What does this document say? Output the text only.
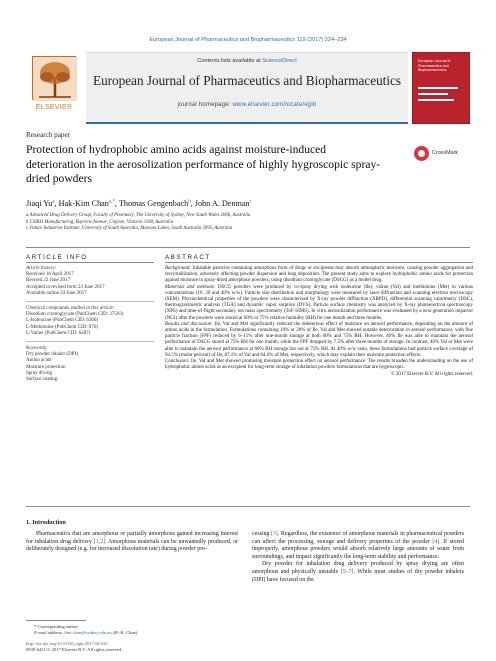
European Journal of Pharmaceutics and Biopharmaceutics 119 (2017) 224–234
ELSEVIER
Contents lists available at ScienceDirect
European Journal of Pharmaceutics and Biopharmaceutics
journal homepage: www.elsevier.com/locate/ejpb
European Journal of Pharmaceutics and Biopharmaceutics
Research paper
Protection of hydrophobic amino acids against moisture-induced deterioration in the aerosolization performance of highly hygroscopic spray-dried powders
CrossMark
Jiaqi Yu$^a$, Hak-Kim Chan$^{a,*}$, Thomas Gengenbach$^b$, John A. Denman$^c$
a Advanced Drug Delivery Group, Faculty of Pharmacy, The University of Sydney, New South Wales 2006, Australia
b CSIRO Manufacturing, Bayview Avenue, Clayton, Victoria 3168, Australia
c Future Industries Institute, University of South Australia, Mawson Lakes, South Australia 5095, Australia
ARTICLE INFO	ABSTRACT
Article history:
Received 18 April 2017
Revised 22 June 2017
Accepted in revised form 23 June 2017
Available online 24 June 2017
Chemical compounds studied in this article:
Disodium cromoglycate (PubChem CID: 27503)
L-Isoleucine (PubChem CID: 6306)
L-Methionine (PubChem CID: 876)
L-Valine (PubChem CID: 6287)
Keywords:
Dry powder inhaler (DPI)
Amino acids
Moisture protection
Spray drying
Surface coating

Background: Inhalable particles containing amorphous form of drugs or excipients may absorb atmospheric moisture, causing powder aggregation and recrystallization, adversely affecting powder dispersion and lung deposition. The present study aims to explore hydrophobic amino acids for protection against moisture in spray-dried amorphous powders, using disodium cromoglycate (DSCG) as a model drug.

Materials and methods: DSCG powders were produced by co-spray drying with isoleucine (Ile), valine (Val) and methionine (Met) in various concentrations (10, 20 and 40% w/w). Particle size distribution and morphology were measured by laser diffraction and scanning electron microscopy (SEM). Physiochemical properties of the powders were characterized by X-ray powder diffraction (XRPD), differential scanning calorimetry (DSC), thermogravimetric analysis (TGA) and dynamic vapor sorption (DVS). Particle surface chemistry was analyzed by X-ray photoelectron spectroscopy (XPS) and time-of-flight secondary ion mass spectrometry (ToF-SIMS). In vitro aerosolization performance was evaluated by a next generation impactor (NGI) after the powders were stored at 60% or 75% relative humidity (RH) for one month and three months.

Results and discussion: Ile, Val and Met significantly reduced the deleterious effect of moisture on aerosol performance, depending on the amount of amino acids in the formulation. Formulations containing 10% or 20% of Ile, Val and Met showed notable deterioration in aerosol performance, with fine particle fraction (FPF) reduced by 6–15% after one-month storage at both 60% and 75% RH. However, 40% Ile was able to maintain the aerosol performance of DSCG stored at 75% RH for one month, while the FPF dropped by 7.5% after three months of storage. In contrast, 40% Val or Met were able to maintain the aerosol performance at 60% RH storage but not at 75% RH. At 40% w/w ratio, these formulations had particle surface coverage of 94.5% (molar percent) of Ile, 87.1% of Val and 84.6% of Met, respectively, which may explain their moisture protection effects.

Conclusion: Ile, Val and Met showed promising moisture protection effect on aerosol performance. The results broaden the understanding on the use of hydrophobic amino acids as an excipient for long-term storage of inhalation powders formulations that are hygroscopic.

© 2017 Elsevier B.V. All rights reserved.
1. Introduction

Pharmaceutics that are amorphous or partially amorphous gained increasing interest for inhalation drug delivery [1,2]. Amorphous materials can be unwantedly produced, or deliberately designed (e.g. for increased dissolution rate) during powder pro-

cessing [3]. Regardless, the existence of amorphous materials in pharmaceutical powders can affect the processing, storage and delivery properties of the powder [4]. If stored improperly, amorphous powders would absorb relatively large amounts of water from surroundings, and impact significantly the long-term stability and performance.

Dry powder for inhalation drug delivery produced by spray drying are often amorphous and physically unstable [5–7]. While most studies of dry powder inhalers (DPI) have focused on the

* Corresponding author.
E-mail address: kim.chan@sydney.edu.au (H.-K. Chan).
http://dx.doi.org/10.1016/j.ejpb.2017.06.023
0939-6411/© 2017 Elsevier B.V. All rights reserved.
